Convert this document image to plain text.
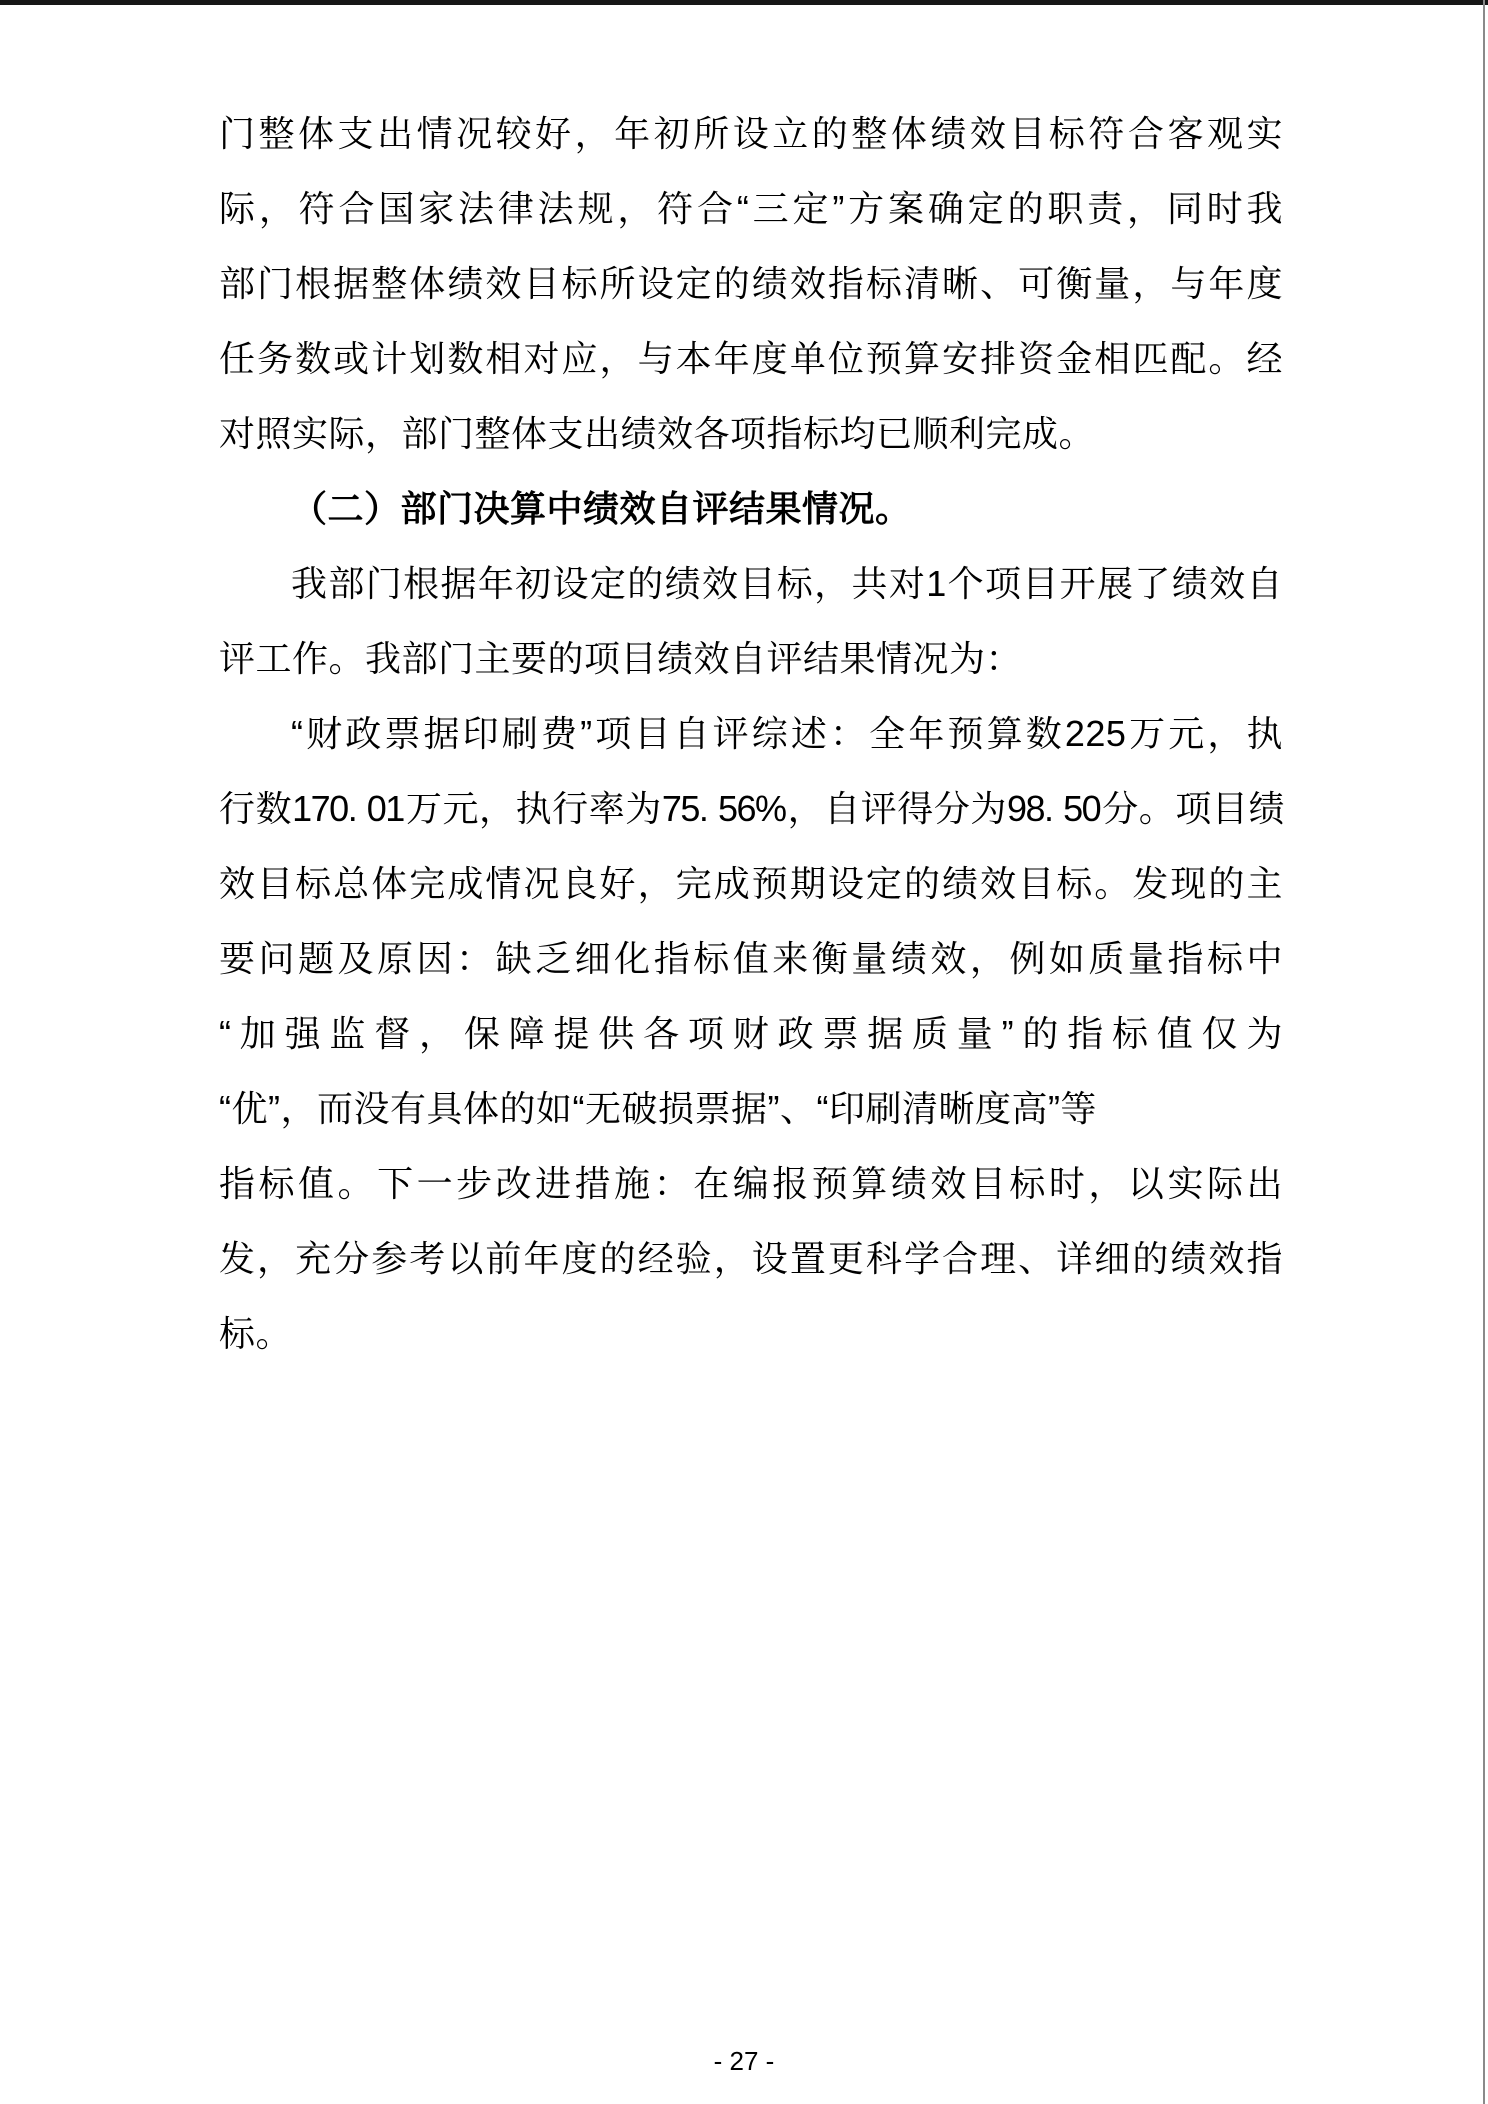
门整体支出情况较好，年初所设立的整体绩效目标符合客观实
际，符合国家法律法规，符合“三定”方案确定的职责，同时我
部门根据整体绩效目标所设定的绩效指标清晰、可衡量，与年度
任务数或计划数相对应，与本年度单位预算安排资金相匹配。经
对照实际，部门整体支出绩效各项指标均已顺利完成。
（二）部门决算中绩效自评结果情况。
我部门根据年初设定的绩效目标，共对1个项目开展了绩效自
评工作。我部门主要的项目绩效自评结果情况为：
“财政票据印刷费”项目自评综述：全年预算数225万元，执
行数170. 01万元，执行率为75. 56%，自评得分为98. 50分。项目绩
效目标总体完成情况良好，完成预期设定的绩效目标。发现的主
要问题及原因：缺乏细化指标值来衡量绩效，例如质量指标中
“加强监督，保障提供各项财政票据质量”的指标值仅为
“优”，而没有具体的如“无破损票据”、“印刷清晰度高”等
指标值。下一步改进措施：在编报预算绩效目标时，以实际出
发，充分参考以前年度的经验，设置更科学合理、详细的绩效指
标。
- 27 -
